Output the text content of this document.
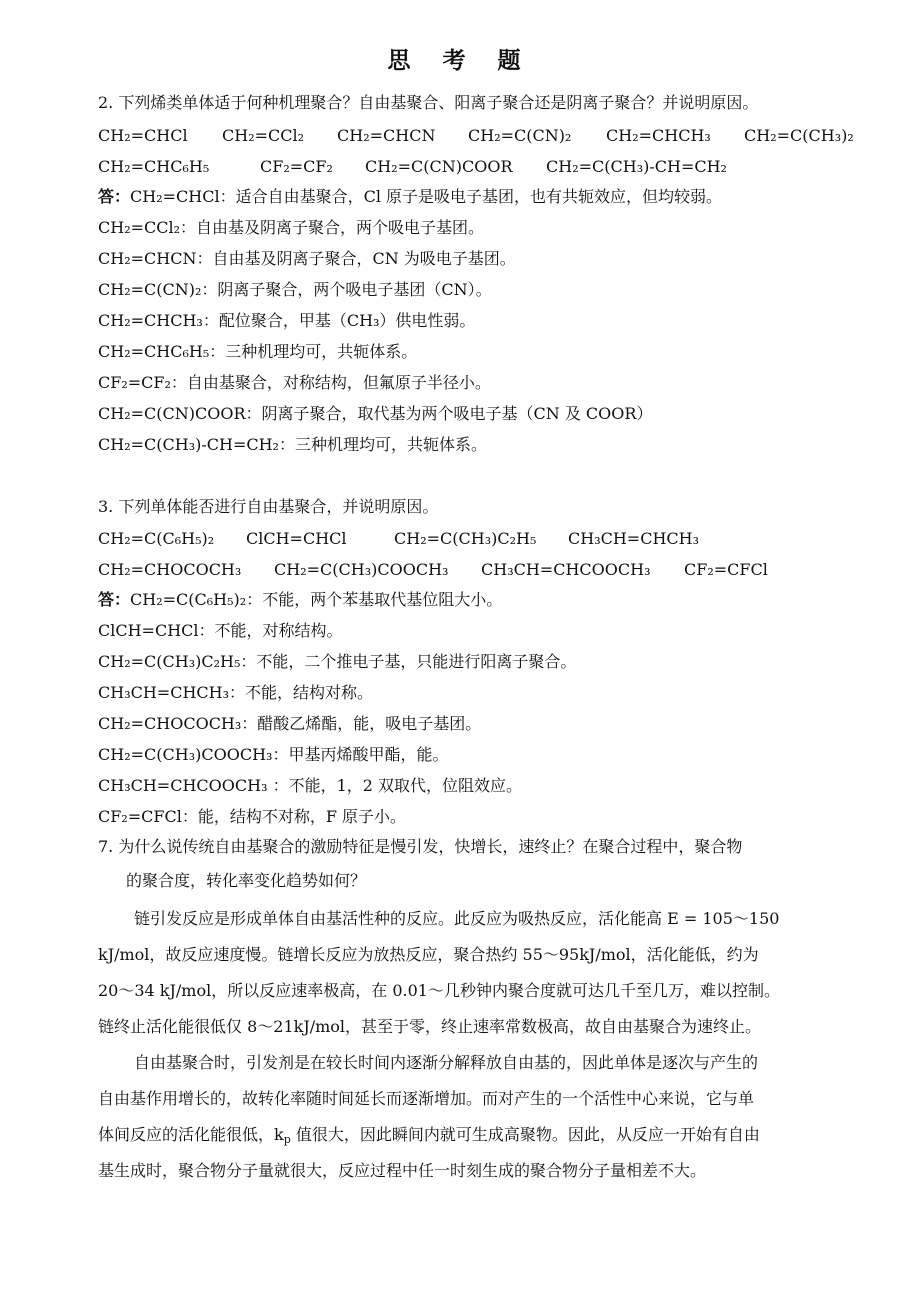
思 考 题
2. 下列烯类单体适于何种机理聚合？自由基聚合、阳离子聚合还是阴离子聚合？并说明原因。
CH₂=CHCl CH₂=CCl₂ CH₂=CHCN CH₂=C(CN)₂ CH₂=CHCH₃ CH₂=C(CH₃)₂
CH₂=CHC₆H₅	CF₂=CF₂ CH₂=C(CN)COOR CH₂=C(CH₃)-CH=CH₂
答：CH₂=CHCl：适合自由基聚合，Cl 原子是吸电子基团，也有共轭效应，但均较弱。
CH₂=CCl₂：自由基及阴离子聚合，两个吸电子基团。
CH₂=CHCN：自由基及阴离子聚合，CN 为吸电子基团。
CH₂=C(CN)₂：阴离子聚合，两个吸电子基团（CN）。
CH₂=CHCH₃：配位聚合，甲基（CH₃）供电性弱。
CH₂=CHC₆H₅：三种机理均可，共轭体系。
CF₂=CF₂：自由基聚合，对称结构，但氟原子半径小。
CH₂=C(CN)COOR：阴离子聚合，取代基为两个吸电子基（CN 及 COOR）
CH₂=C(CH₃)-CH=CH₂：三种机理均可，共轭体系。
3. 下列单体能否进行自由基聚合，并说明原因。
CH₂=C(C₆H₅)₂ ClCH=CHCl	CH₂=C(CH₃)C₂H₅ CH₃CH=CHCH₃
CH₂=CHOCOCH₃ CH₂=C(CH₃)COOCH₃ CH₃CH=CHCOOCH₃ CF₂=CFCl
答：CH₂=C(C₆H₅)₂：不能，两个苯基取代基位阻大小。
ClCH=CHCl：不能，对称结构。
CH₂=C(CH₃)C₂H₅：不能，二个推电子基，只能进行阳离子聚合。
CH₃CH=CHCH₃：不能，结构对称。
CH₂=CHOCOCH₃：醋酸乙烯酯，能，吸电子基团。
CH₂=C(CH₃)COOCH₃：甲基丙烯酸甲酯，能。
CH₃CH=CHCOOCH₃ ：不能，1，2 双取代，位阻效应。
CF₂=CFCl：能，结构不对称，F 原子小。
7. 为什么说传统自由基聚合的激励特征是慢引发，快增长，速终止？在聚合过程中，聚合物
的聚合度，转化率变化趋势如何？
链引发反应是形成单体自由基活性种的反应。此反应为吸热反应，活化能高 E = 105～150
kJ/mol，故反应速度慢。链增长反应为放热反应，聚合热约 55～95kJ/mol，活化能低，约为
20～34 kJ/mol，所以反应速率极高，在 0.01～几秒钟内聚合度就可达几千至几万，难以控制。
链终止活化能很低仅 8～21kJ/mol，甚至于零，终止速率常数极高，故自由基聚合为速终止。
自由基聚合时，引发剂是在较长时间内逐渐分解释放自由基的，因此单体是逐次与产生的
自由基作用增长的，故转化率随时间延长而逐渐增加。而对产生的一个活性中心来说，它与单
体间反应的活化能很低，$k_p$ 值很大，因此瞬间内就可生成高聚物。因此，从反应一开始有自由
基生成时，聚合物分子量就很大，反应过程中任一时刻生成的聚合物分子量相差不大。
